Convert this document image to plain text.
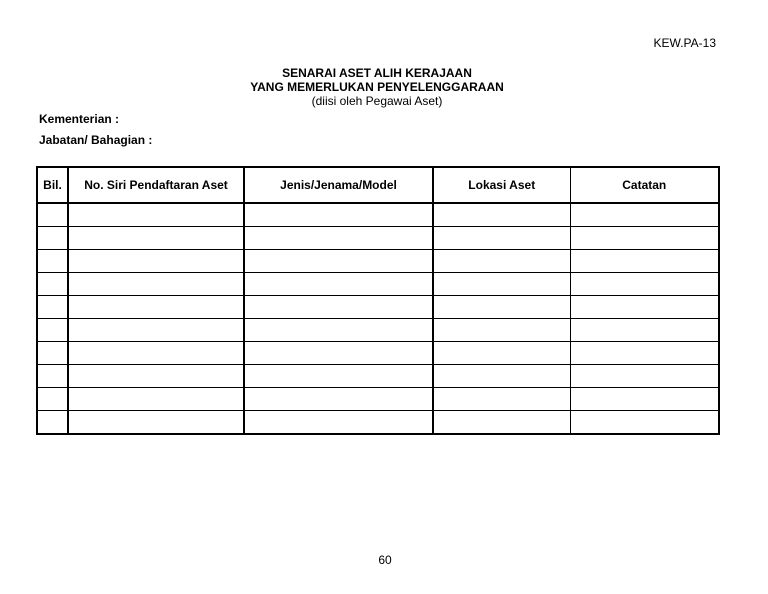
KEW.PA-13
SENARAI ASET ALIH KERAJAAN
YANG MEMERLUKAN PENYELENGGARAAN
(diisi oleh Pegawai Aset)
Kementerian :
Jabatan/ Bahagian :
Bil.	No. Siri Pendaftaran Aset	Jenis/Jenama/Model	Lokasi Aset	Catatan

60
